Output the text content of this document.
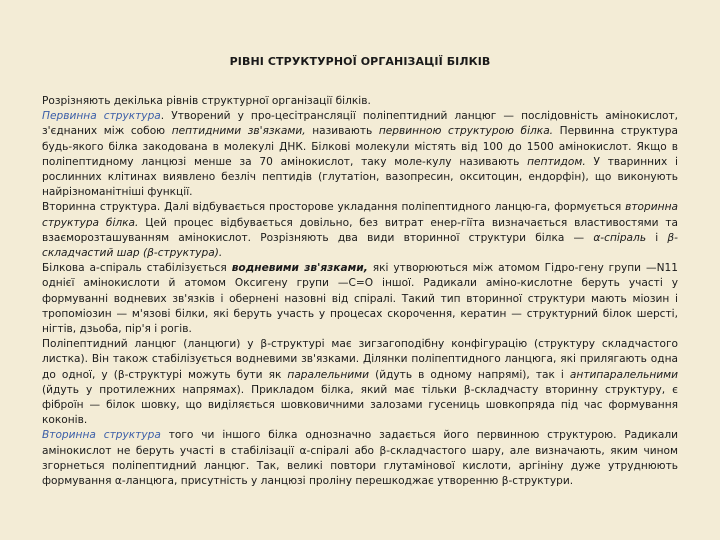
РІВНІ СТРУКТУРНОЇ ОРГАНІЗАЦІЇ БІЛКІВ

Розрізняють декілька рівнів структурної організації білків.

Первинна структура. Утворений у про-цесітрансляції поліпептидний ланцюг — послідовність амінокислот, з'єднаних між собою пептидними зв'язками, називають первинною структурою білка. Первинна структура будь-якого білка закодована в молекулі ДНК. Білкові молекули містять від 100 до 1500 амінокислот. Якщо в поліпептидному ланцюзі менше за 70 амінокислот, таку моле-кулу називають пептидом. У тваринних і рослинних клітинах виявлено безліч пептидів (глутатіон, вазопресин, окситоцин, ендорфін), що виконують найрізноманітніші функції.

Вторинна структура. Далі відбувається просторове укладання поліпептидного ланцю-га, формується вторинна структура білка. Цей процес відбувається довільно, без витрат енер-гіїта визначається властивостями та взаєморозташуванням амінокислот. Розрізняють два види вторинної структури білка — α-спіраль і β-складчастий шар (β-структура).

Білкова а-спіраль стабілізується водневими зв'язками, які утворюються між атомом Гідро-гену групи —N11 однієї амінокислоти й атомом Оксигену групи —С=О іншої. Радикали аміно-кислотне беруть участі у формуванні водневих зв'язків і обернені назовні від спіралі. Такий тип вторинної структури мають міозин і тропоміозин — м'язові білки, які беруть участь у процесах скорочення, кератин — структурний білок шерсті, нігтів, дзьоба, пір'я і рогів.

Поліпептидний ланцюг (ланцюги) у β-структурі має зигзагоподібну конфігурацію (структуру складчастого листка). Він також стабілізується водневими зв'язками. Ділянки поліпептидного ланцюга, які прилягають одна до одної, у (β-структурі можуть бути як паралельними (йдуть в одному напрямі), так і антипаралельними (йдуть у протилежних напрямах). Прикладом білка, який має тільки β-складчасту вторинну структуру, є фіброїн — білок шовку, що виділяється шовковичними залозами гусениць шовкопряда під час формування коконів.

Вторинна структура того чи іншого білка однозначно задається його первинною структурою. Радикали амінокислот не беруть участі в стабілізації α-спіралі або β-складчастого шару, але визначають, яким чином згорнеться поліпептидний ланцюг. Так, великі повтори глутамінової кислоти, аргініну дуже утруднюють формування α-ланцюга, присутність у ланцюзі проліну перешкоджає утворенню β-структури.
